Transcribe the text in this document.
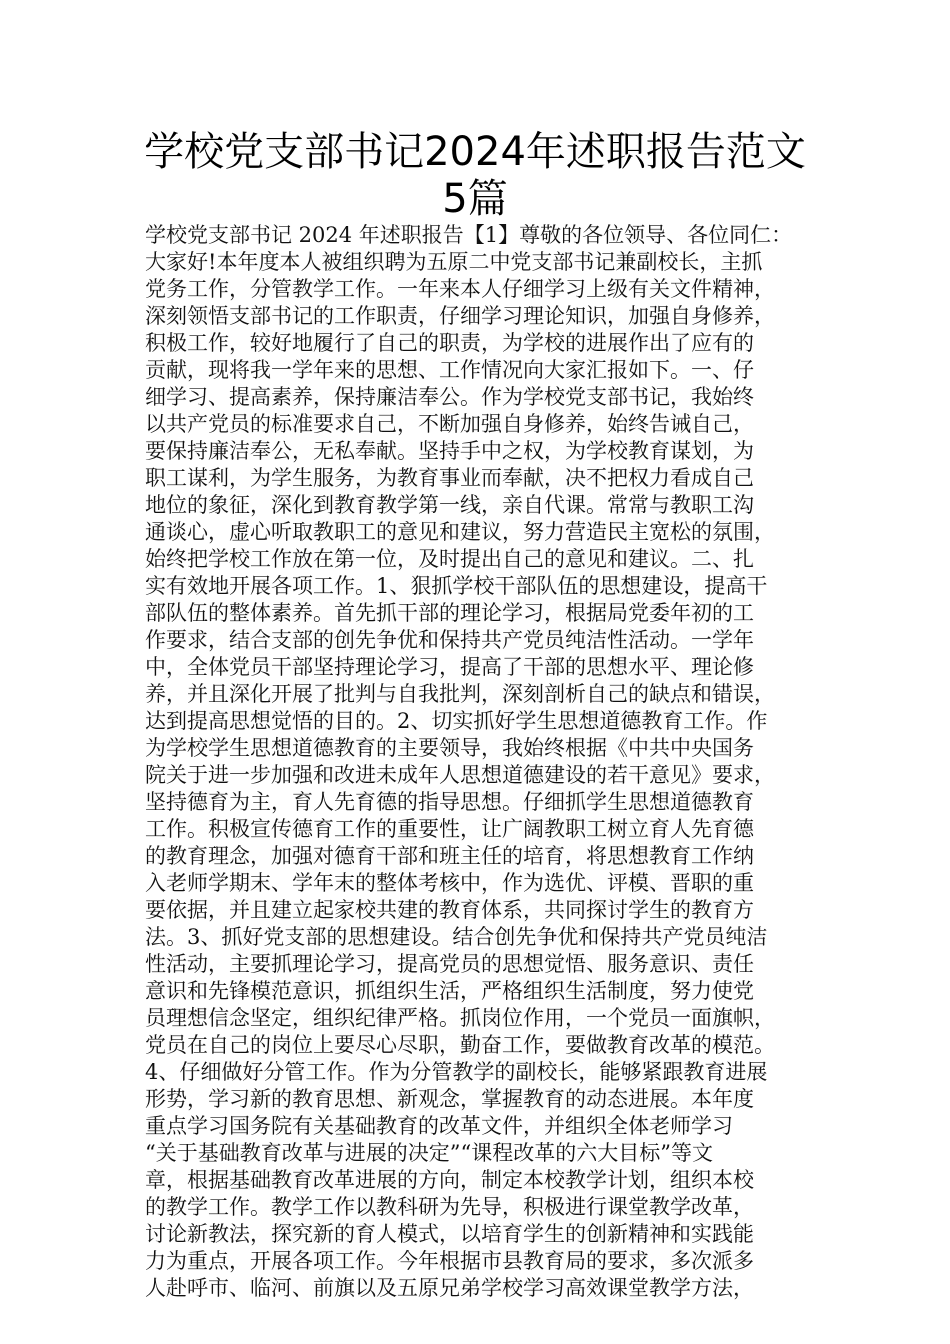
学校党支部书记2024年述职报告范文5篇
学校党支部书记 2024 年述职报告【1】尊敬的各位领导、各位同仁：
大家好!本年度本人被组织聘为五原二中党支部书记兼副校长，主抓
党务工作，分管教学工作。一年来本人仔细学习上级有关文件精神，
深刻领悟支部书记的工作职责，仔细学习理论知识，加强自身修养，
积极工作，较好地履行了自己的职责，为学校的进展作出了应有的
贡献，现将我一学年来的思想、工作情况向大家汇报如下。一、仔
细学习、提高素养，保持廉洁奉公。作为学校党支部书记，我始终
以共产党员的标准要求自己，不断加强自身修养，始终告诫自己，
要保持廉洁奉公，无私奉献。坚持手中之权，为学校教育谋划，为
职工谋利，为学生服务，为教育事业而奉献，决不把权力看成自己
地位的象征，深化到教育教学第一线，亲自代课。常常与教职工沟
通谈心，虚心听取教职工的意见和建议，努力营造民主宽松的氛围，
始终把学校工作放在第一位，及时提出自己的意见和建议。二、扎
实有效地开展各项工作。1、狠抓学校干部队伍的思想建设，提高干
部队伍的整体素养。首先抓干部的理论学习，根据局党委年初的工
作要求，结合支部的创先争优和保持共产党员纯洁性活动。一学年
中，全体党员干部坚持理论学习，提高了干部的思想水平、理论修
养，并且深化开展了批判与自我批判，深刻剖析自己的缺点和错误，
达到提高思想觉悟的目的。2、切实抓好学生思想道德教育工作。作
为学校学生思想道德教育的主要领导，我始终根据《中共中央国务
院关于进一步加强和改进未成年人思想道德建设的若干意见》要求，
坚持德育为主，育人先育德的指导思想。仔细抓学生思想道德教育
工作。积极宣传德育工作的重要性，让广阔教职工树立育人先育德
的教育理念，加强对德育干部和班主任的培育，将思想教育工作纳
入老师学期末、学年末的整体考核中，作为选优、评模、晋职的重
要依据，并且建立起家校共建的教育体系，共同探讨学生的教育方
法。3、抓好党支部的思想建设。结合创先争优和保持共产党员纯洁
性活动，主要抓理论学习，提高党员的思想觉悟、服务意识、责任
意识和先锋模范意识，抓组织生活，严格组织生活制度，努力使党
员理想信念坚定，组织纪律严格。抓岗位作用，一个党员一面旗帜，
党员在自己的岗位上要尽心尽职，勤奋工作，要做教育改革的模范。
4、仔细做好分管工作。作为分管教学的副校长，能够紧跟教育进展
形势，学习新的教育思想、新观念，掌握教育的动态进展。本年度
重点学习国务院有关基础教育的改革文件，并组织全体老师学习
“关于基础教育改革与进展的决定”“课程改革的六大目标”等文
章，根据基础教育改革进展的方向，制定本校教学计划，组织本校
的教学工作。教学工作以教科研为先导，积极进行课堂教学改革，
讨论新教法，探究新的育人模式，以培育学生的创新精神和实践能
力为重点，开展各项工作。今年根据市县教育局的要求，多次派多
人赴呼市、临河、前旗以及五原兄弟学校学习高效课堂教学方法，
